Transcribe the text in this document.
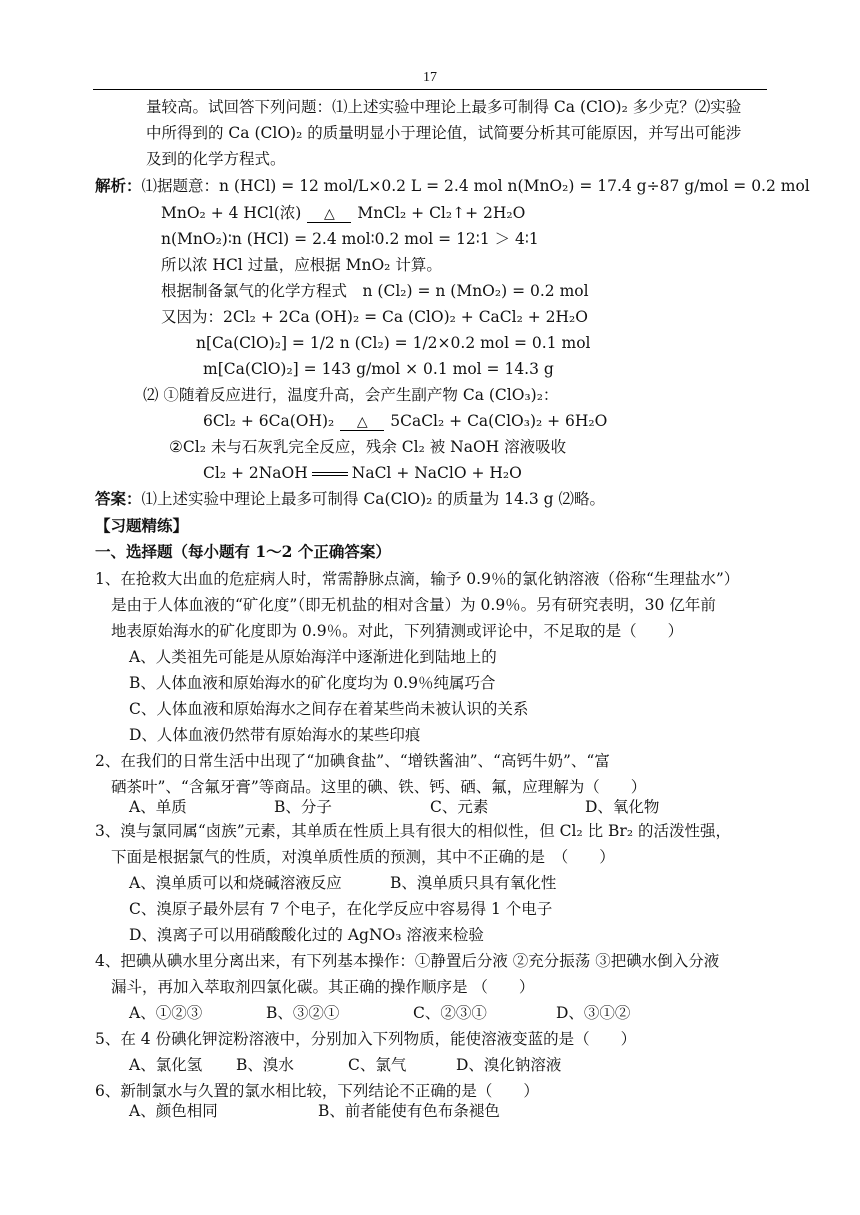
17
量较高。试回答下列问题：⑴上述实验中理论上最多可制得 Ca (ClO)₂ 多少克？⑵实验
中所得到的 Ca (ClO)₂ 的质量明显小于理论值，试简要分析其可能原因，并写出可能涉
及到的化学方程式。
解析：⑴据题意：n (HCl) = 12 mol/L×0.2 L = 2.4 mol n(MnO₂) = 17.4 g÷87 g/mol = 0.2 mol
MnO₂ + 4 HCl(浓) △ MnCl₂ + Cl₂↑+ 2H₂O
n(MnO₂)∶n (HCl) = 2.4 mol∶0.2 mol = 12∶1 ＞ 4∶1
所以浓 HCl 过量，应根据 MnO₂ 计算。
根据制备氯气的化学方程式　n (Cl₂) = n (MnO₂) = 0.2 mol
又因为：2Cl₂ + 2Ca (OH)₂ = Ca (ClO)₂ + CaCl₂ + 2H₂O
n[Ca(ClO)₂] = 1/2 n (Cl₂) = 1/2×0.2 mol = 0.1 mol
m[Ca(ClO)₂] = 143 g/mol × 0.1 mol = 14.3 g
⑵ ①随着反应进行，温度升高，会产生副产物 Ca (ClO₃)₂：
6Cl₂ + 6Ca(OH)₂ △ 5CaCl₂ + Ca(ClO₃)₂ + 6H₂O
②Cl₂ 未与石灰乳完全反应，残余 Cl₂ 被 NaOH 溶液吸收
Cl₂ + 2NaOH	NaCl + NaClO + H₂O
答案：⑴上述实验中理论上最多可制得 Ca(ClO)₂ 的质量为 14.3 g ⑵略。
【习题精练】
一、选择题（每小题有 1～2 个正确答案）
1、在抢救大出血的危症病人时，常需静脉点滴，输予 0.9％的氯化钠溶液（俗称“生理盐水”）
是由于人体血液的“矿化度”（即无机盐的相对含量）为 0.9％。另有研究表明，30 亿年前
地表原始海水的矿化度即为 0.9％。对此，下列猜测或评论中，不足取的是（　　）
A、人类祖先可能是从原始海洋中逐渐进化到陆地上的
B、人体血液和原始海水的矿化度均为 0.9％纯属巧合
C、人体血液和原始海水之间存在着某些尚未被认识的关系
D、人体血液仍然带有原始海水的某些印痕
2、在我们的日常生活中出现了“加碘食盐”、“增铁酱油”、“高钙牛奶”、“富
硒茶叶”、“含氟牙膏”等商品。这里的碘、铁、钙、硒、氟，应理解为（　　）
A、单质	B、分子	C、元素	D、氧化物
3、溴与氯同属“卤族”元素，其单质在性质上具有很大的相似性，但 Cl₂ 比 Br₂ 的活泼性强，
下面是根据氯气的性质，对溴单质性质的预测，其中不正确的是　（　　）
A、溴单质可以和烧碱溶液反应	B、溴单质只具有氧化性
C、溴原子最外层有 7 个电子，在化学反应中容易得 1 个电子
D、溴离子可以用硝酸酸化过的 AgNO₃ 溶液来检验
4、把碘从碘水里分离出来，有下列基本操作：①静置后分液 ②充分振荡 ③把碘水倒入分液
漏斗，再加入萃取剂四氯化碳。其正确的操作顺序是 （　　）
A、①②③	B、③②①	C、②③①	D、③①②
5、在 4 份碘化钾淀粉溶液中，分别加入下列物质，能使溶液变蓝的是（　　）
A、氯化氢 B、溴水	C、氯气	D、溴化钠溶液
6、新制氯水与久置的氯水相比较，下列结论不正确的是（　　）
A、颜色相同	B、前者能使有色布条褪色
